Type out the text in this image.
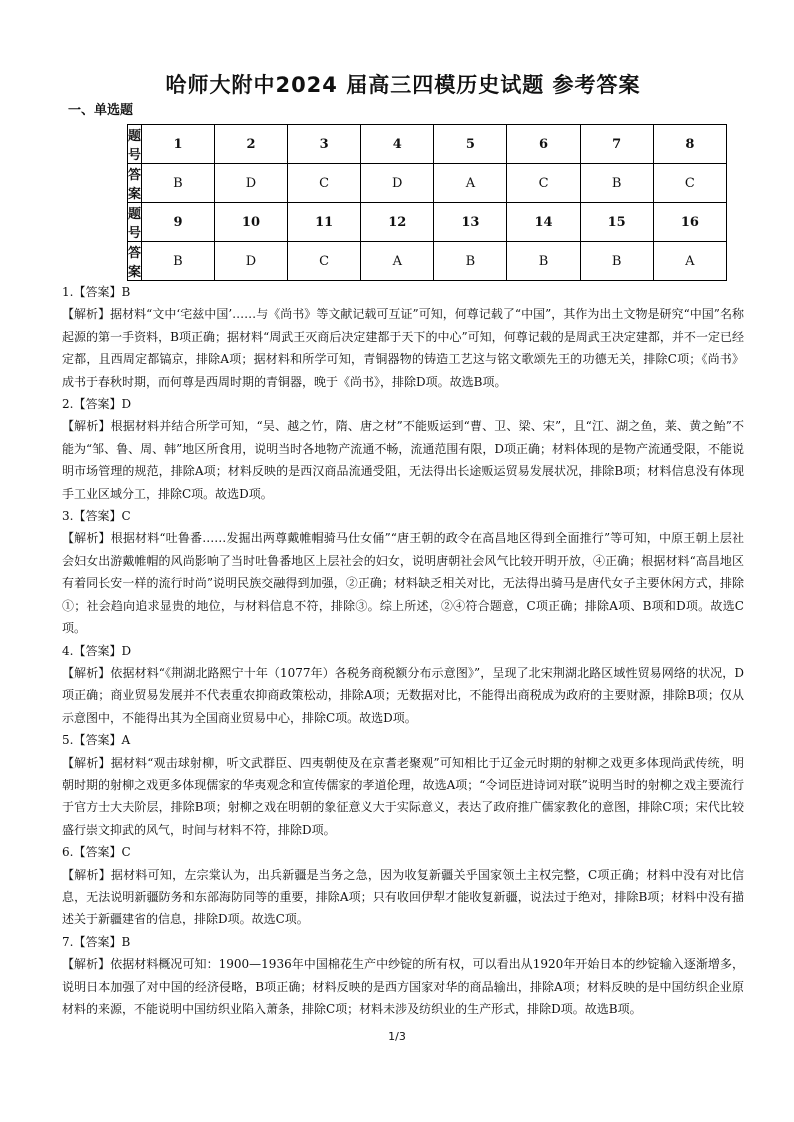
哈师大附中2024 届高三四模历史试题 参考答案
一、单选题
题号	1	2	3	4	5	6	7	8
答案	B	D	C	D	A	C	B	C
题号	9	10	11	12	13	14	15	16
答案	B	D	C	A	B	B	B	A

1.【答案】B

【解析】据材料“文中‘宅兹中国’……与《尚书》等文献记载可互证”可知，何尊记载了“中国”，其作为出土文物是研究“中国”名称起源的第一手资料，B项正确；据材料“周武王灭商后决定建都于天下的中心”可知，何尊记载的是周武王决定建都，并不一定已经定都，且西周定都镐京，排除A项；据材料和所学可知，青铜器物的铸造工艺这与铭文歌颂先王的功德无关，排除C项；《尚书》成书于春秋时期，而何尊是西周时期的青铜器，晚于《尚书》，排除D项。故选B项。

2.【答案】D

【解析】根据材料并结合所学可知，“吴、越之竹，隋、唐之材”不能贩运到“曹、卫、梁、宋”，且“江、湖之鱼，莱、黄之鲐”不能为“邹、鲁、周、韩”地区所食用，说明当时各地物产流通不畅，流通范围有限，D项正确；材料体现的是物产流通受限，不能说明市场管理的规范，排除A项；材料反映的是西汉商品流通受阻，无法得出长途贩运贸易发展状况，排除B项；材料信息没有体现手工业区域分工，排除C项。故选D项。

3.【答案】C

【解析】根据材料“吐鲁番……发掘出两尊戴帷帽骑马仕女俑”“唐王朝的政令在高昌地区得到全面推行”等可知，中原王朝上层社会妇女出游戴帷帽的风尚影响了当时吐鲁番地区上层社会的妇女，说明唐朝社会风气比较开明开放，④正确；根据材料“高昌地区有着同长安一样的流行时尚”说明民族交融得到加强，②正确；材料缺乏相关对比，无法得出骑马是唐代女子主要休闲方式，排除①；社会趋向追求显贵的地位，与材料信息不符，排除③。综上所述，②④符合题意，C项正确；排除A项、B项和D项。故选C项。

4.【答案】D

【解析】依据材料“《荆湖北路熙宁十年（1077年）各税务商税额分布示意图》”，呈现了北宋荆湖北路区域性贸易网络的状况，D项正确；商业贸易发展并不代表重农抑商政策松动，排除A项；无数据对比，不能得出商税成为政府的主要财源，排除B项；仅从示意图中，不能得出其为全国商业贸易中心，排除C项。故选D项。

5.【答案】A

【解析】据材料“观击球射柳，听文武群臣、四夷朝使及在京耆老聚观”可知相比于辽金元时期的射柳之戏更多体现尚武传统，明朝时期的射柳之戏更多体现儒家的华夷观念和宣传儒家的孝道伦理，故选A项；“令词臣进诗词对联”说明当时的射柳之戏主要流行于官方士大夫阶层，排除B项；射柳之戏在明朝的象征意义大于实际意义，表达了政府推广儒家教化的意图，排除C项；宋代比较盛行崇文抑武的风气，时间与材料不符，排除D项。

6.【答案】C

【解析】据材料可知，左宗棠认为，出兵新疆是当务之急，因为收复新疆关乎国家领土主权完整，C项正确；材料中没有对比信息，无法说明新疆防务和东部海防同等的重要，排除A项；只有收回伊犁才能收复新疆，说法过于绝对，排除B项；材料中没有描述关于新疆建省的信息，排除D项。故选C项。

7.【答案】B

【解析】依据材料概况可知：1900—1936年中国棉花生产中纱锭的所有权，可以看出从1920年开始日本的纱锭输入逐渐增多，说明日本加强了对中国的经济侵略，B项正确；材料反映的是西方国家对华的商品输出，排除A项；材料反映的是中国纺织企业原材料的来源，不能说明中国纺织业陷入萧条，排除C项；材料未涉及纺织业的生产形式，排除D项。故选B项。

1/3
